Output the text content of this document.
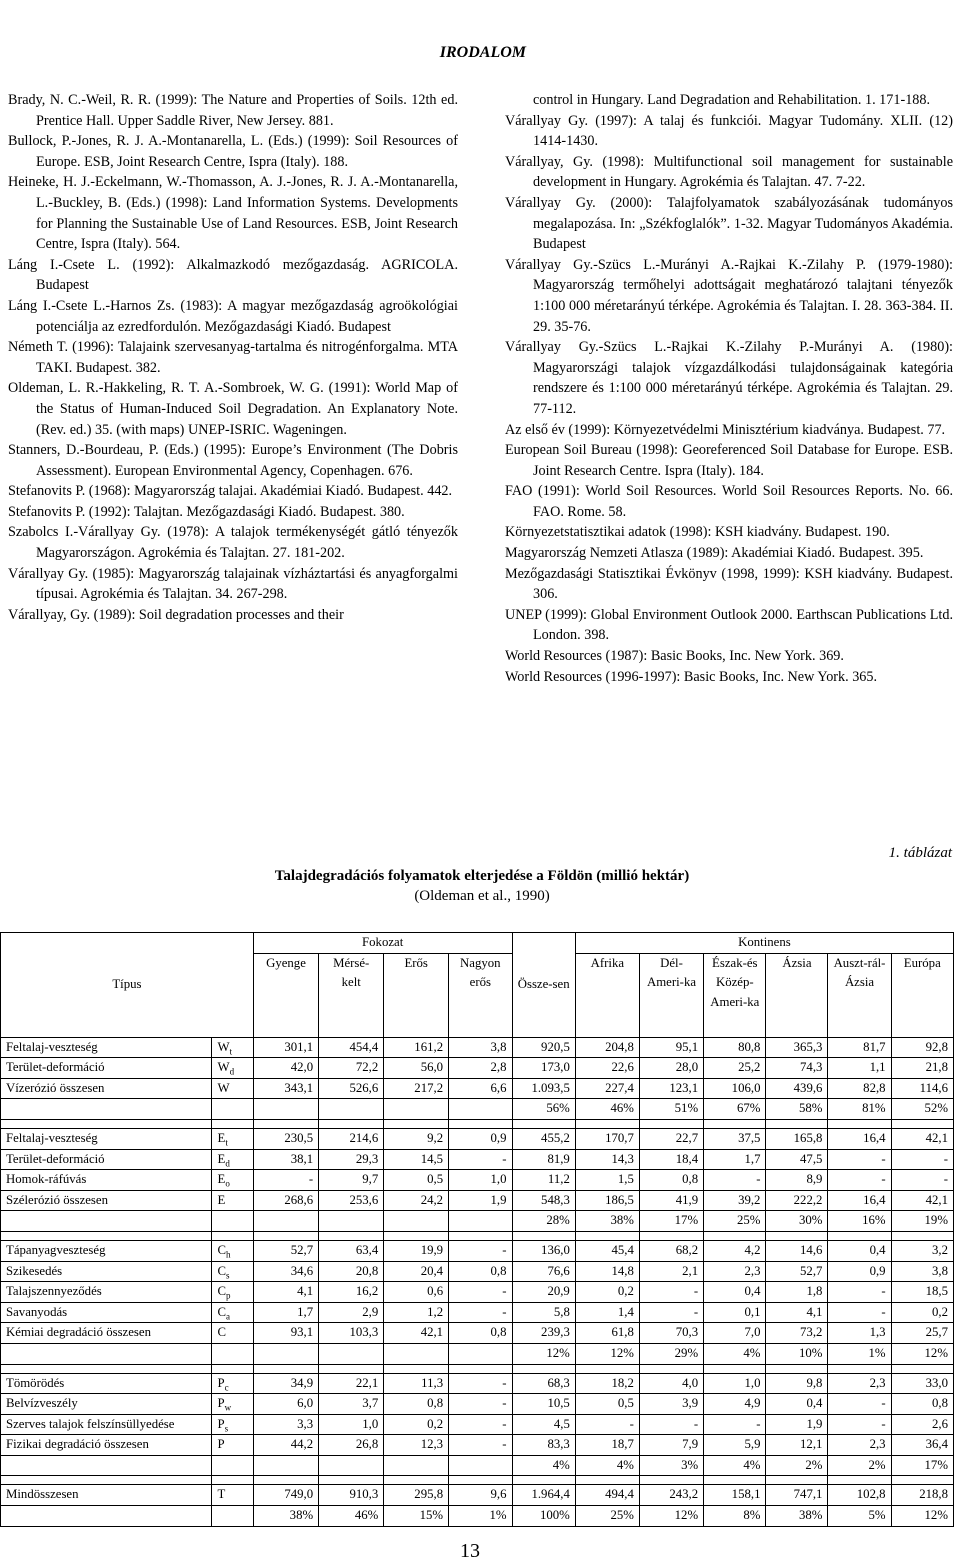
IRODALOM
Brady, N. C.-Weil, R. R. (1999): The Nature and Properties of Soils. 12th ed. Prentice Hall. Upper Saddle River, New Jersey. 881.
Bullock, P.-Jones, R. J. A.-Montanarella, L. (Eds.) (1999): Soil Resources of Europe. ESB, Joint Research Centre, Ispra (Italy). 188.
Heineke, H. J.-Eckelmann, W.-Thomasson, A. J.-Jones, R. J. A.-Montanarella, L.-Buckley, B. (Eds.) (1998): Land Information Systems. Developments for Planning the Sustainable Use of Land Resources. ESB, Joint Research Centre, Ispra (Italy). 564.
Láng I.-Csete L. (1992): Alkalmazkodó mezőgazdaság. AGRICOLA. Budapest
Láng I.-Csete L.-Harnos Zs. (1983): A magyar mezőgazdaság agroökológiai potenciálja az ezredfordulón. Mezőgazdasági Kiadó. Budapest
Németh T. (1996): Talajaink szervesanyag-tartalma és nitrogénforgalma. MTA TAKI. Budapest. 382.
Oldeman, L. R.-Hakkeling, R. T. A.-Sombroek, W. G. (1991): World Map of the Status of Human-Induced Soil Degradation. An Explanatory Note. (Rev. ed.) 35. (with maps) UNEP-ISRIC. Wageningen.
Stanners, D.-Bourdeau, P. (Eds.) (1995): Europe’s Environment (The Dobris Assessment). European Environmental Agency, Copenhagen. 676.
Stefanovits P. (1968): Magyarország talajai. Akadémiai Kiadó. Budapest. 442.
Stefanovits P. (1992): Talajtan. Mezőgazdasági Kiadó. Budapest. 380.
Szabolcs I.-Várallyay Gy. (1978): A talajok termékenységét gátló tényezők Magyarországon. Agrokémia és Talajtan. 27. 181-202.
Várallyay Gy. (1985): Magyarország talajainak vízháztartási és anyagforgalmi típusai. Agrokémia és Talajtan. 34. 267-298.
Várallyay, Gy. (1989): Soil degradation processes and their
control in Hungary. Land Degradation and Rehabilitation. 1. 171-188.
Várallyay Gy. (1997): A talaj és funkciói. Magyar Tudomány. XLII. (12) 1414-1430.
Várallyay, Gy. (1998): Multifunctional soil management for sustainable development in Hungary. Agrokémia és Talajtan. 47. 7-22.
Várallyay Gy. (2000): Talajfolyamatok szabályozásának tudományos megalapozása. In: „Székfoglalók”. 1-32. Magyar Tudományos Akadémia. Budapest
Várallyay Gy.-Szücs L.-Murányi A.-Rajkai K.-Zilahy P. (1979-1980): Magyarország termőhelyi adottságait meghatározó talajtani tényezők 1:100 000 méretarányú térképe. Agrokémia és Talajtan. I. 28. 363-384. II. 29. 35-76.
Várallyay Gy.-Szücs L.-Rajkai K.-Zilahy P.-Murányi A. (1980): Magyarországi talajok vízgazdálkodási tulajdonságainak kategória rendszere és 1:100 000 méretarányú térképe. Agrokémia és Talajtan. 29. 77-112.
Az első év (1999): Környezetvédelmi Minisztérium kiadványa. Budapest. 77.
European Soil Bureau (1998): Georeferenced Soil Database for Europe. ESB. Joint Research Centre. Ispra (Italy). 184.
FAO (1991): World Soil Resources. World Soil Resources Reports. No. 66. FAO. Rome. 58.
Környezetstatisztikai adatok (1998): KSH kiadvány. Budapest. 190.
Magyarország Nemzeti Atlasza (1989): Akadémiai Kiadó. Budapest. 395.
Mezőgazdasági Statisztikai Évkönyv (1998, 1999): KSH kiadvány. Budapest. 306.
UNEP (1999): Global Environment Outlook 2000. Earthscan Publications Ltd. London. 398.
World Resources (1987): Basic Books, Inc. New York. 369.
World Resources (1996-1997): Basic Books, Inc. New York. 365.
1. táblázat
Talajdegradációs folyamatok elterjedése a Földön (millió hektár)
(Oldeman et al., 1990)
Típus		Fokozat				Össze-sen	Kontinens					
		Gyenge	Mérsé-kelt	Erős	Nagyon erős		Afrika	Dél-Ameri-ka	Észak-és Közép-Ameri-ka	Ázsia	Auszt-rál-Ázsia	Európa
Feltalaj-veszteség	$W_t$	301,1	454,4	161,2	3,8	920,5	204,8	95,1	80,8	365,3	81,7	92,8
Terület-deformáció	$W_d$	42,0	72,2	56,0	2,8	173,0	22,6	28,0	25,2	74,3	1,1	21,8
Vízerózió összesen	W	343,1	526,6	217,2	6,6	1.093,5	227,4	123,1	106,0	439,6	82,8	114,6
						56%	46%	51%	67%	58%	81%	52%

Feltalaj-veszteség	$E_t$	230,5	214,6	9,2	0,9	455,2	170,7	22,7	37,5	165,8	16,4	42,1
Terület-deformáció	$E_d$	38,1	29,3	14,5	-	81,9	14,3	18,4	1,7	47,5	-	-
Homok-ráfúvás	$E_o$	-	9,7	0,5	1,0	11,2	1,5	0,8	-	8,9	-	-
Szélerózió összesen	E	268,6	253,6	24,2	1,9	548,3	186,5	41,9	39,2	222,2	16,4	42,1
						28%	38%	17%	25%	30%	16%	19%

Tápanyagveszteség	$C_h$	52,7	63,4	19,9	-	136,0	45,4	68,2	4,2	14,6	0,4	3,2
Szikesedés	$C_s$	34,6	20,8	20,4	0,8	76,6	14,8	2,1	2,3	52,7	0,9	3,8
Talajszennyeződés	$C_p$	4,1	16,2	0,6	-	20,9	0,2	-	0,4	1,8	-	18,5
Savanyodás	$C_a$	1,7	2,9	1,2	-	5,8	1,4	-	0,1	4,1	-	0,2
Kémiai degradáció összesen	C	93,1	103,3	42,1	0,8	239,3	61,8	70,3	7,0	73,2	1,3	25,7
						12%	12%	29%	4%	10%	1%	12%

Tömörödés	$P_c$	34,9	22,1	11,3	-	68,3	18,2	4,0	1,0	9,8	2,3	33,0
Belvízveszély	$P_w$	6,0	3,7	0,8	-	10,5	0,5	3,9	4,9	0,4	-	0,8
Szerves talajok felszínsüllyedése	$P_s$	3,3	1,0	0,2	-	4,5	-	-	-	1,9	-	2,6
Fizikai degradáció összesen	P	44,2	26,8	12,3	-	83,3	18,7	7,9	5,9	12,1	2,3	36,4
						4%	4%	3%	4%	2%	2%	17%

Mindösszesen	T	749,0	910,3	295,8	9,6	1.964,4	494,4	243,2	158,1	747,1	102,8	218,8
		38%	46%	15%	1%	100%	25%	12%	8%	38%	5%	12%
13
